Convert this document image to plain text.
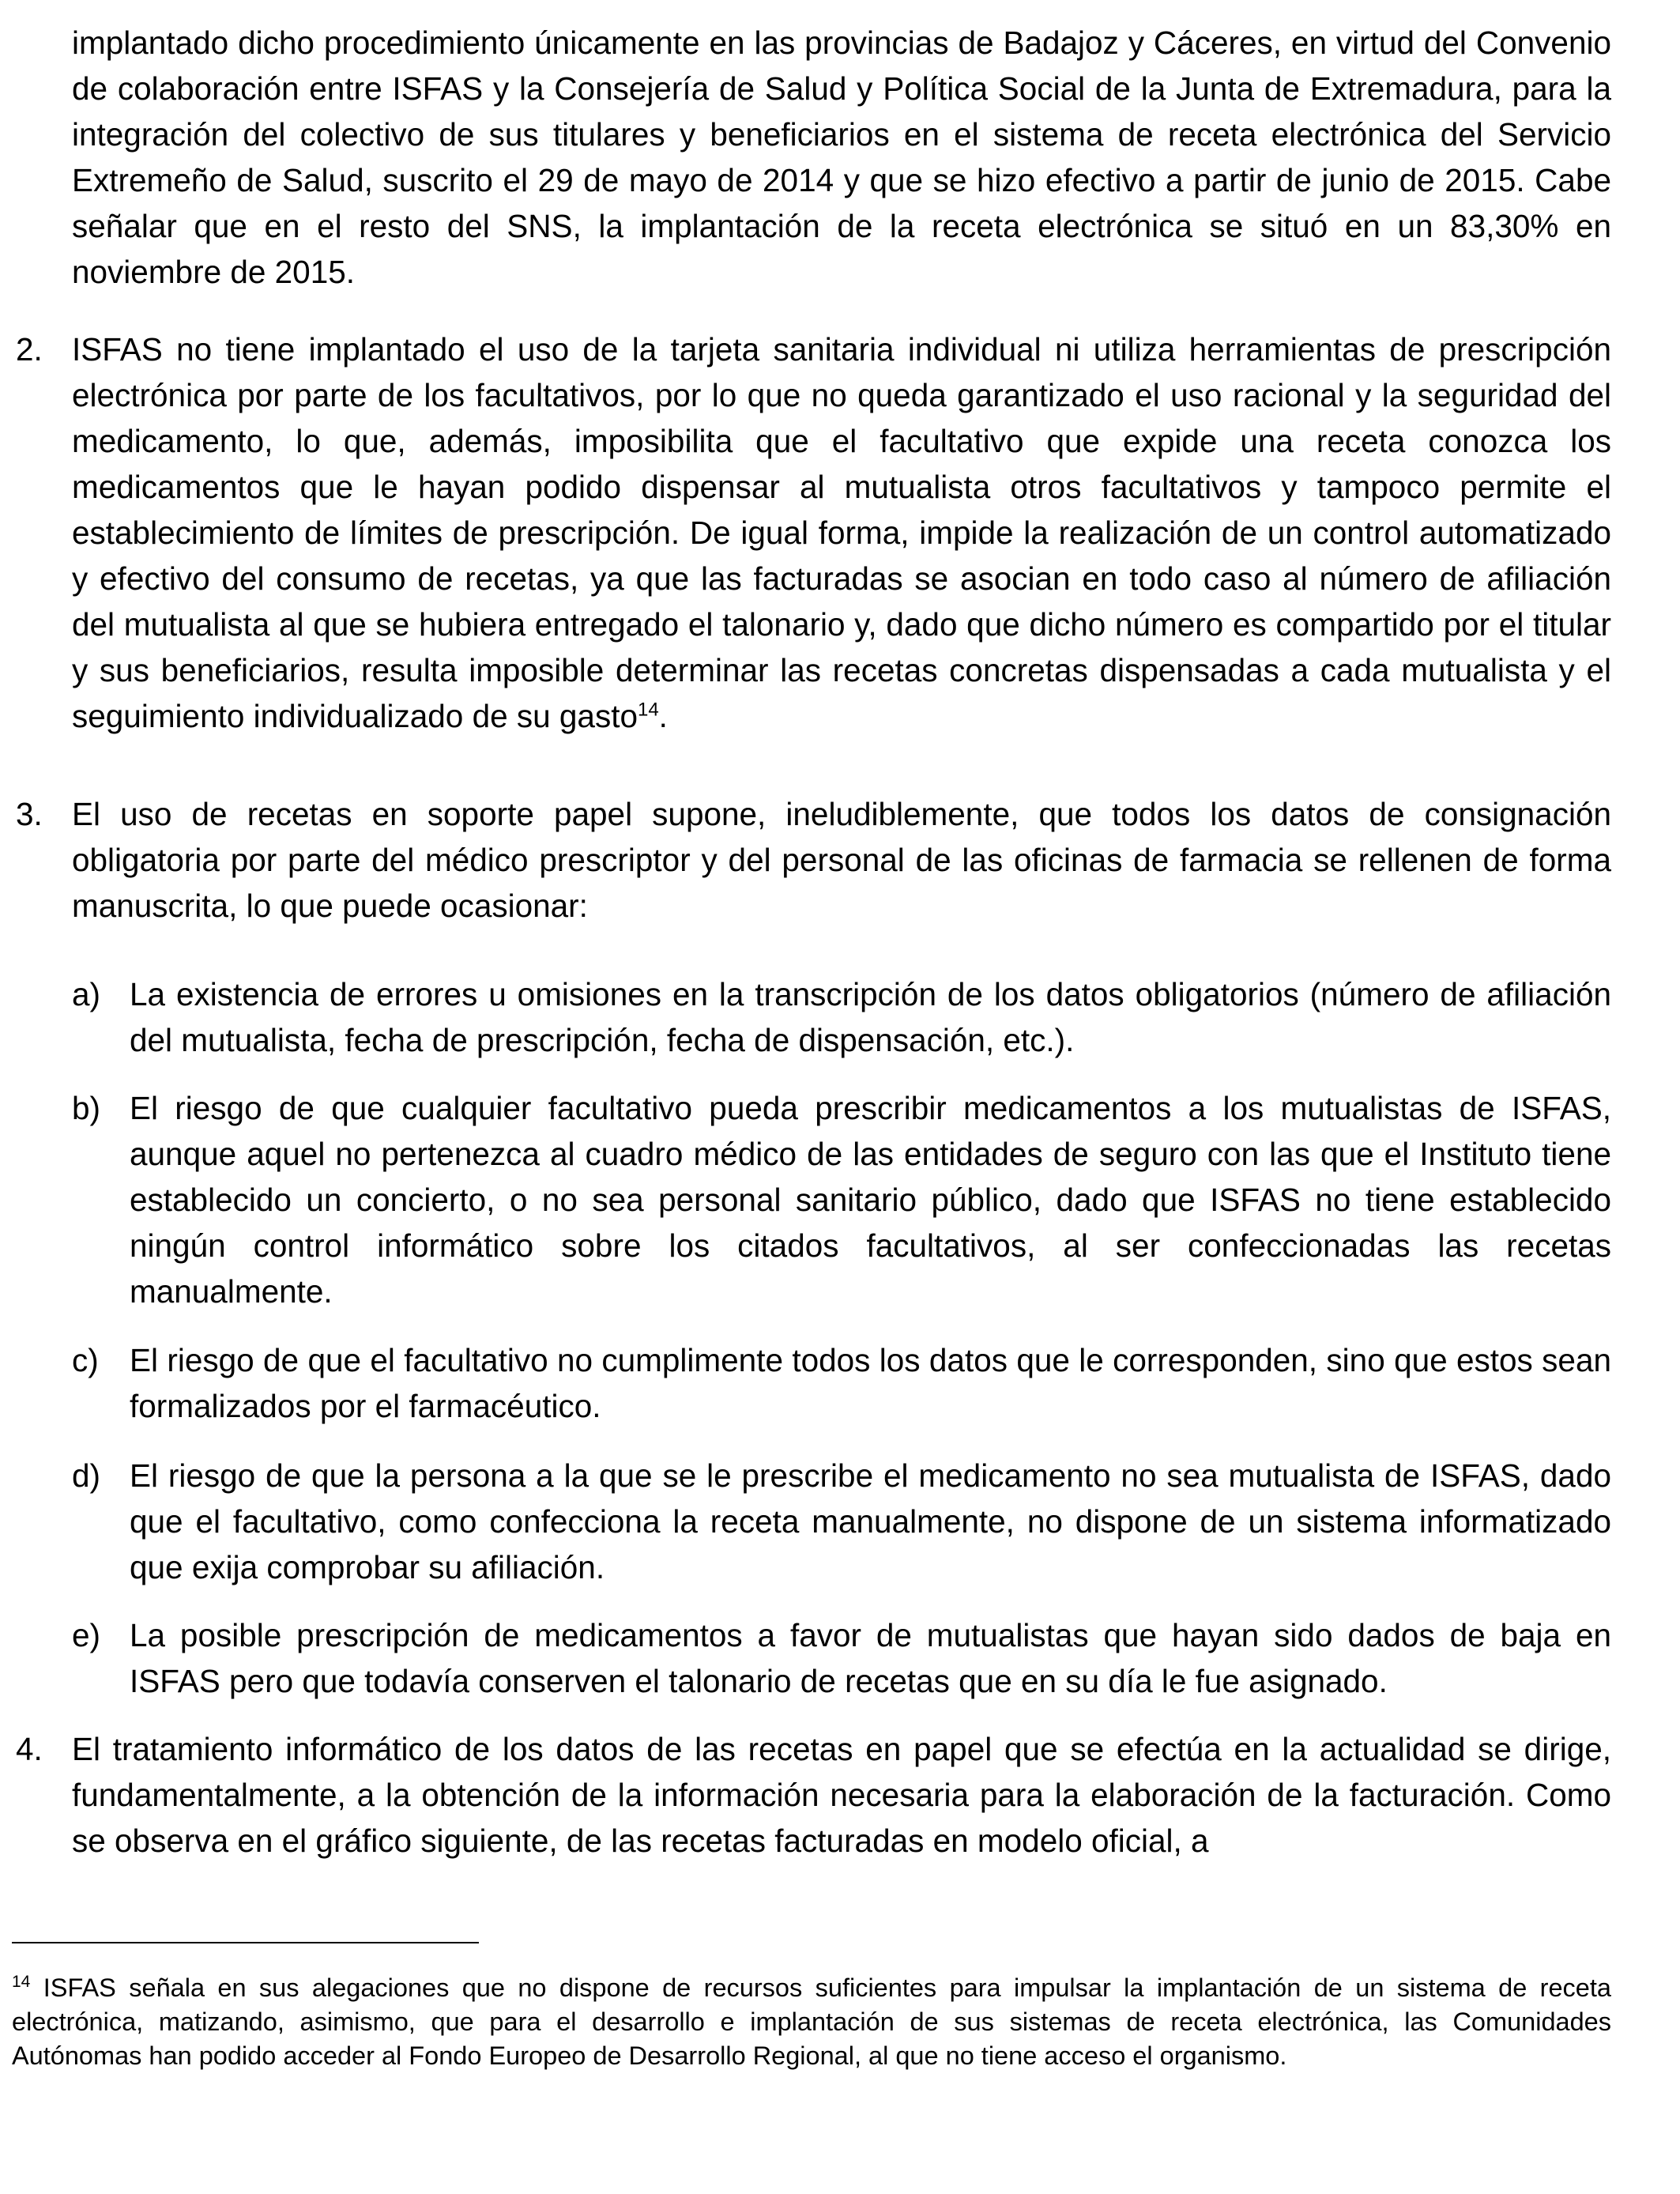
implantado dicho procedimiento únicamente en las provincias de Badajoz y Cáceres, en virtud del Convenio de colaboración entre ISFAS y la Consejería de Salud y Política Social de la Junta de Extremadura, para la integración del colectivo de sus titulares y beneficiarios en el sistema de receta electrónica del Servicio Extremeño de Salud, suscrito el 29 de mayo de 2014 y que se hizo efectivo a partir de junio de 2015. Cabe señalar que en el resto del SNS, la implantación de la receta electrónica se situó en un 83,30% en noviembre de 2015.

2. ISFAS no tiene implantado el uso de la tarjeta sanitaria individual ni utiliza herramientas de prescripción electrónica por parte de los facultativos, por lo que no queda garantizado el uso racional y la seguridad del medicamento, lo que, además, imposibilita que el facultativo que expide una receta conozca los medicamentos que le hayan podido dispensar al mutualista otros facultativos y tampoco permite el establecimiento de límites de prescripción. De igual forma, impide la realización de un control automatizado y efectivo del consumo de recetas, ya que las facturadas se asocian en todo caso al número de afiliación del mutualista al que se hubiera entregado el talonario y, dado que dicho número es compartido por el titular y sus beneficiarios, resulta imposible determinar las recetas concretas dispensadas a cada mutualista y el seguimiento individualizado de su gasto$^{14}$.

3. El uso de recetas en soporte papel supone, ineludiblemente, que todos los datos de consignación obligatoria por parte del médico prescriptor y del personal de las oficinas de farmacia se rellenen de forma manuscrita, lo que puede ocasionar:

a) La existencia de errores u omisiones en la transcripción de los datos obligatorios (número de afiliación del mutualista, fecha de prescripción, fecha de dispensación, etc.).

b) El riesgo de que cualquier facultativo pueda prescribir medicamentos a los mutualistas de ISFAS, aunque aquel no pertenezca al cuadro médico de las entidades de seguro con las que el Instituto tiene establecido un concierto, o no sea personal sanitario público, dado que ISFAS no tiene establecido ningún control informático sobre los citados facultativos, al ser confeccionadas las recetas manualmente.

c) El riesgo de que el facultativo no cumplimente todos los datos que le corresponden, sino que estos sean formalizados por el farmacéutico.

d) El riesgo de que la persona a la que se le prescribe el medicamento no sea mutualista de ISFAS, dado que el facultativo, como confecciona la receta manualmente, no dispone de un sistema informatizado que exija comprobar su afiliación.

e) La posible prescripción de medicamentos a favor de mutualistas que hayan sido dados de baja en ISFAS pero que todavía conserven el talonario de recetas que en su día le fue asignado.

4. El tratamiento informático de los datos de las recetas en papel que se efectúa en la actualidad se dirige, fundamentalmente, a la obtención de la información necesaria para la elaboración de la facturación. Como se observa en el gráfico siguiente, de las recetas facturadas en modelo oficial, a

$^{14}$ ISFAS señala en sus alegaciones que no dispone de recursos suficientes para impulsar la implantación de un sistema de receta electrónica, matizando, asimismo, que para el desarrollo e implantación de sus sistemas de receta electrónica, las Comunidades Autónomas han podido acceder al Fondo Europeo de Desarrollo Regional, al que no tiene acceso el organismo.
